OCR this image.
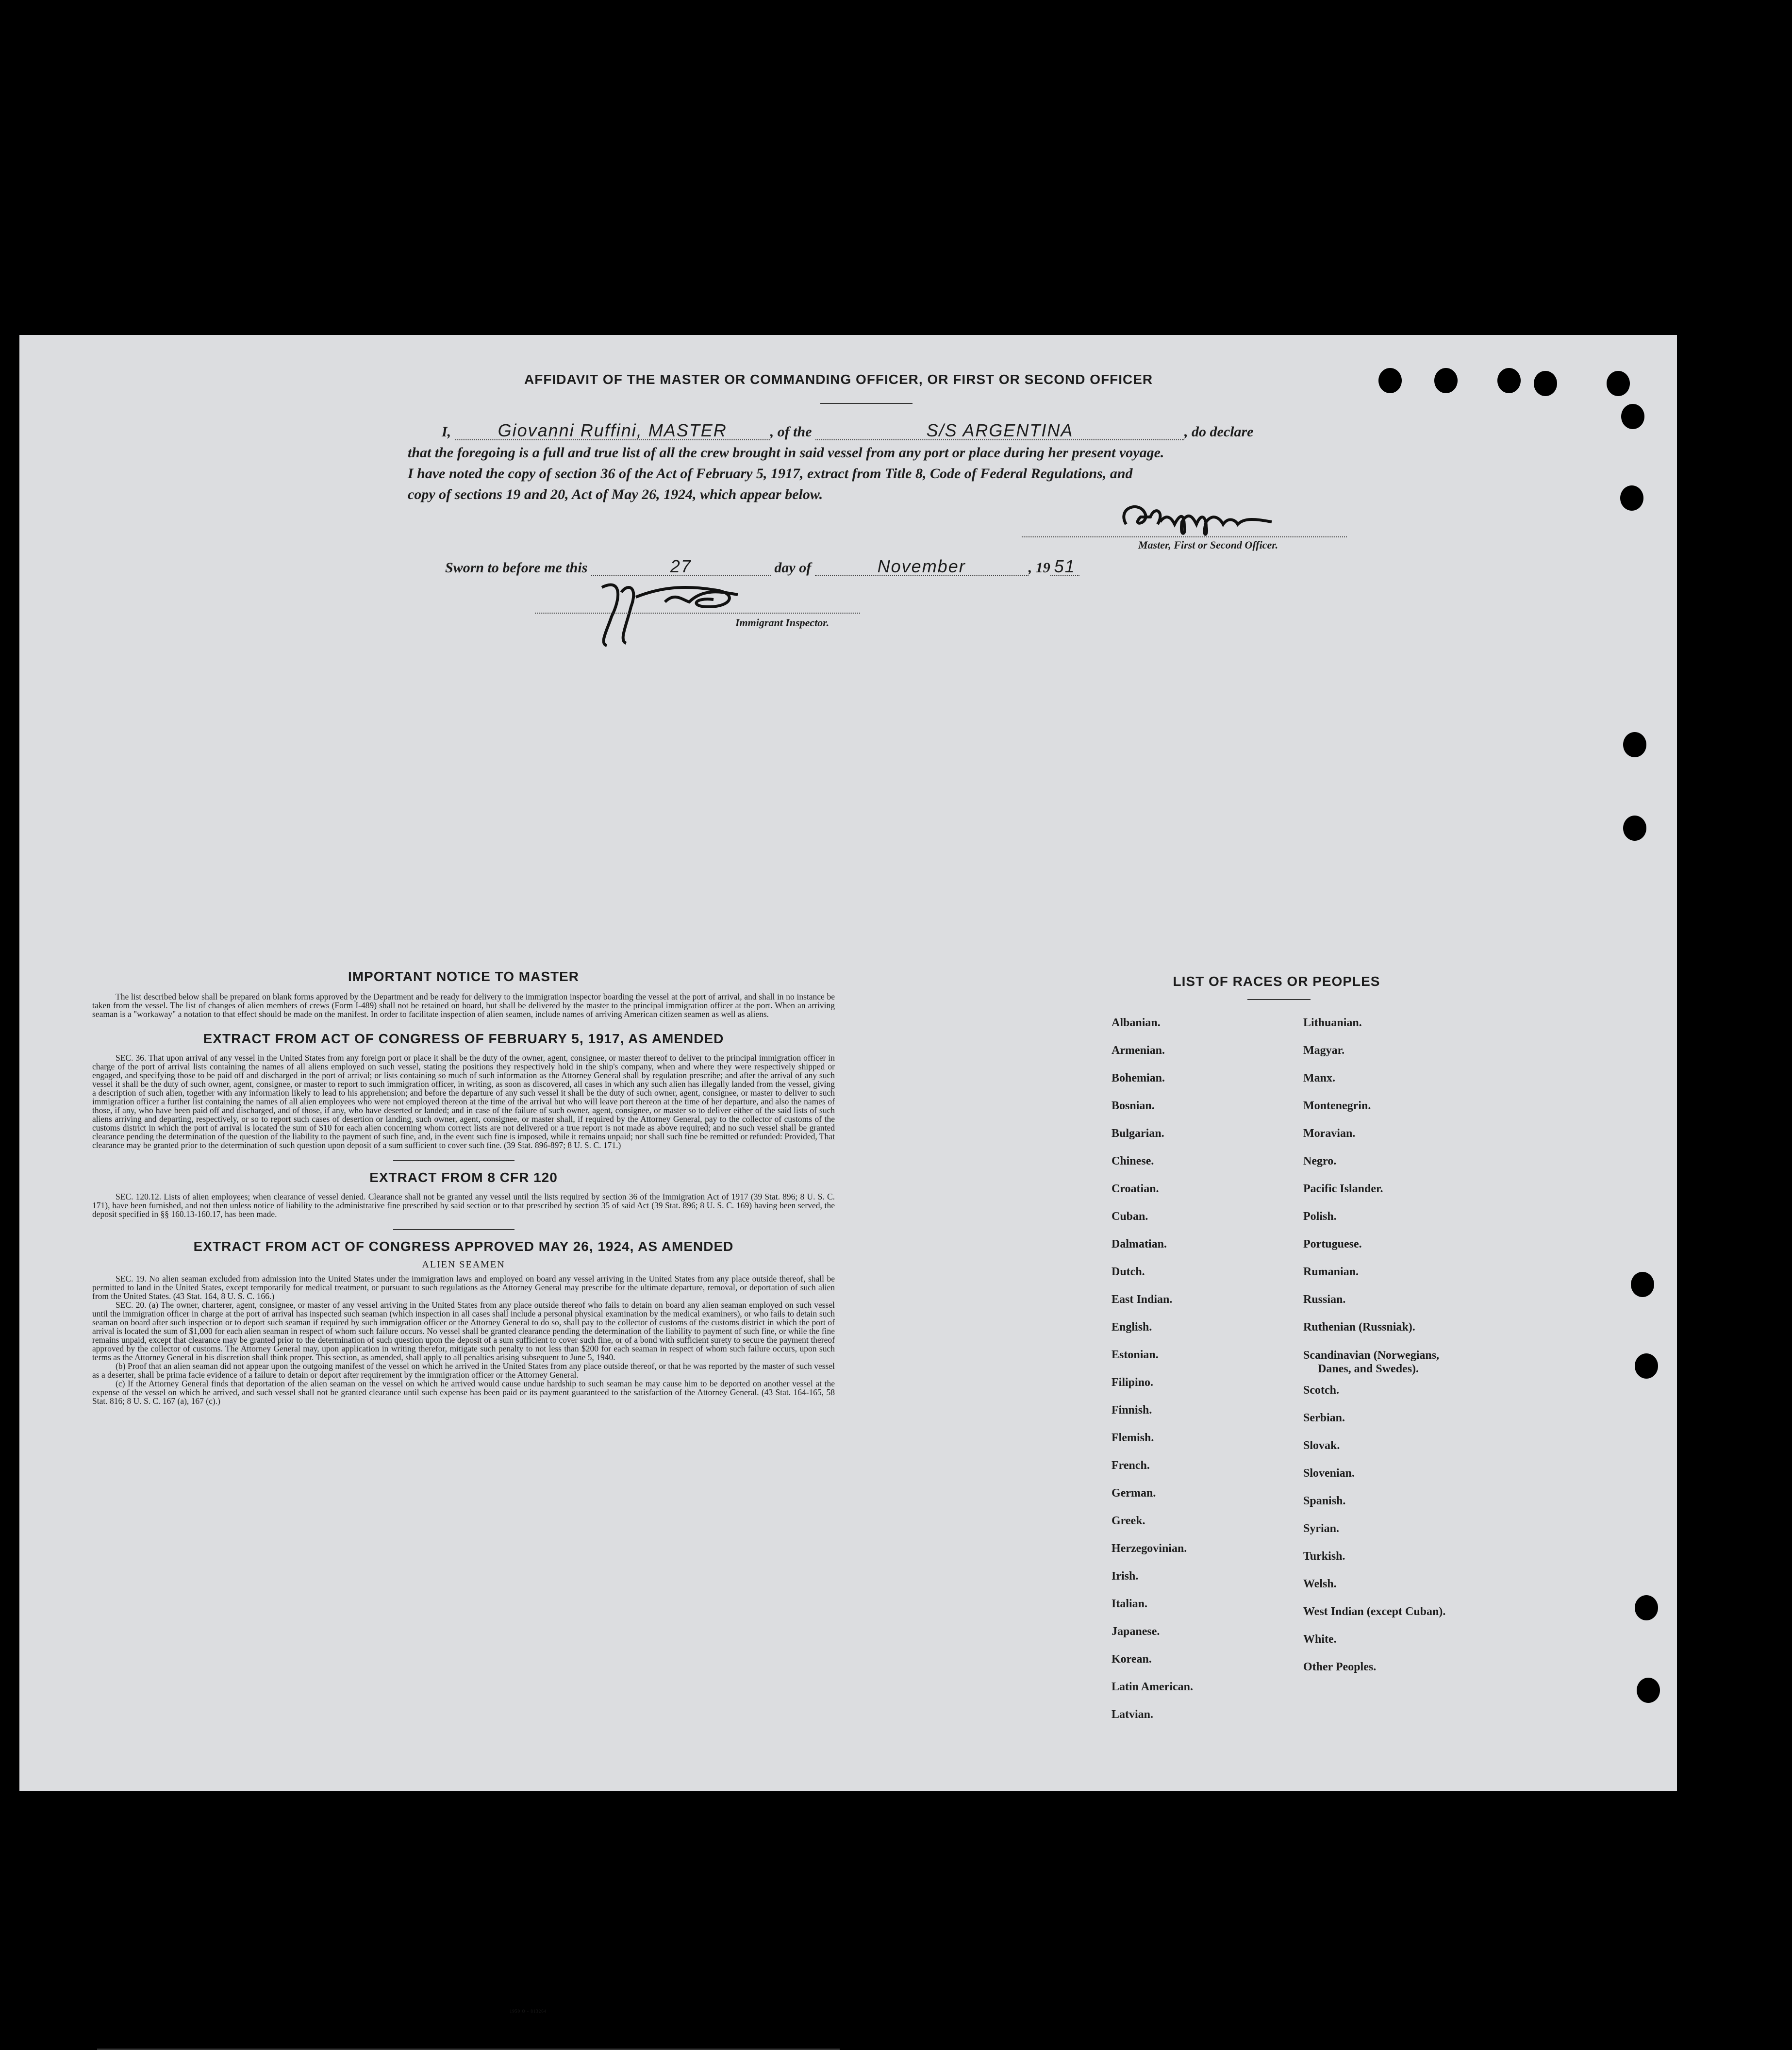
AFFIDAVIT OF THE MASTER OR COMMANDING OFFICER, OR FIRST OR SECOND OFFICER
I,	Giovanni Ruffini, MASTER	, of the	S/S ARGENTINA	, do declare
that the foregoing is a full and true list of all the crew brought in said vessel from any port or place during her present voyage.
I have noted the copy of section 36 of the Act of February 5, 1917, extract from Title 8, Code of Federal Regulations, and
copy of sections 19 and 20, Act of May 26, 1924, which appear below.
Master, First or Second Officer.
Sworn to before me this	27	day of	November	, 19 51
Immigrant Inspector.
IMPORTANT NOTICE TO MASTER

The list described below shall be prepared on blank forms approved by the Department and be ready for delivery to the immigration inspector boarding the vessel at the port of arrival, and shall in no instance be taken from the vessel. The list of changes of alien members of crews (Form I-489) shall not be retained on board, but shall be delivered by the master to the principal immigration officer at the port. When an arriving seaman is a "workaway" a notation to that effect should be made on the manifest. In order to facilitate inspection of alien seamen, include names of arriving American citizen seamen as well as aliens.

EXTRACT FROM ACT OF CONGRESS OF FEBRUARY 5, 1917, AS AMENDED

SEC. 36. That upon arrival of any vessel in the United States from any foreign port or place it shall be the duty of the owner, agent, consignee, or master thereof to deliver to the principal immigration officer in charge of the port of arrival lists containing the names of all aliens employed on such vessel, stating the positions they respectively hold in the ship's company, when and where they were respectively shipped or engaged, and specifying those to be paid off and discharged in the port of arrival; or lists containing so much of such information as the Attorney General shall by regulation prescribe; and after the arrival of any such vessel it shall be the duty of such owner, agent, consignee, or master to report to such immigration officer, in writing, as soon as discovered, all cases in which any such alien has illegally landed from the vessel, giving a description of such alien, together with any information likely to lead to his apprehension; and before the departure of any such vessel it shall be the duty of such owner, agent, consignee, or master to deliver to such immigration officer a further list containing the names of all alien employees who were not employed thereon at the time of the arrival but who will leave port thereon at the time of her departure, and also the names of those, if any, who have been paid off and discharged, and of those, if any, who have deserted or landed; and in case of the failure of such owner, agent, consignee, or master so to deliver either of the said lists of such aliens arriving and departing, respectively, or so to report such cases of desertion or landing, such owner, agent, consignee, or master shall, if required by the Attorney General, pay to the collector of customs of the customs district in which the port of arrival is located the sum of $10 for each alien concerning whom correct lists are not delivered or a true report is not made as above required; and no such vessel shall be granted clearance pending the determination of the question of the liability to the payment of such fine, and, in the event such fine is imposed, while it remains unpaid; nor shall such fine be remitted or refunded: Provided, That clearance may be granted prior to the determination of such question upon deposit of a sum sufficient to cover such fine. (39 Stat. 896-897; 8 U. S. C. 171.)

EXTRACT FROM 8 CFR 120

SEC. 120.12. Lists of alien employees; when clearance of vessel denied. Clearance shall not be granted any vessel until the lists required by section 36 of the Immigration Act of 1917 (39 Stat. 896; 8 U. S. C. 171), have been furnished, and not then unless notice of liability to the administrative fine prescribed by said section or to that prescribed by section 35 of said Act (39 Stat. 896; 8 U. S. C. 169) having been served, the deposit specified in §§ 160.13-160.17, has been made.

EXTRACT FROM ACT OF CONGRESS APPROVED MAY 26, 1924, AS AMENDED
ALIEN SEAMEN

SEC. 19. No alien seaman excluded from admission into the United States under the immigration laws and employed on board any vessel arriving in the United States from any place outside thereof, shall be permitted to land in the United States, except temporarily for medical treatment, or pursuant to such regulations as the Attorney General may prescribe for the ultimate departure, removal, or deportation of such alien from the United States. (43 Stat. 164, 8 U. S. C. 166.)

SEC. 20. (a) The owner, charterer, agent, consignee, or master of any vessel arriving in the United States from any place outside thereof who fails to detain on board any alien seaman employed on such vessel until the immigration officer in charge at the port of arrival has inspected such seaman (which inspection in all cases shall include a personal physical examination by the medical examiners), or who fails to detain such seaman on board after such inspection or to deport such seaman if required by such immigration officer or the Attorney General to do so, shall pay to the collector of customs of the customs district in which the port of arrival is located the sum of $1,000 for each alien seaman in respect of whom such failure occurs. No vessel shall be granted clearance pending the determination of the liability to payment of such fine, or while the fine remains unpaid, except that clearance may be granted prior to the determination of such question upon the deposit of a sum sufficient to cover such fine, or of a bond with sufficient surety to secure the payment thereof approved by the collector of customs. The Attorney General may, upon application in writing therefor, mitigate such penalty to not less than $200 for each seaman in respect of whom such failure occurs, upon such terms as the Attorney General in his discretion shall think proper. This section, as amended, shall apply to all penalties arising subsequent to June 5, 1940.

(b) Proof that an alien seaman did not appear upon the outgoing manifest of the vessel on which he arrived in the United States from any place outside thereof, or that he was reported by the master of such vessel as a deserter, shall be prima facie evidence of a failure to detain or deport after requirement by the immigration officer or the Attorney General.

(c) If the Attorney General finds that deportation of the alien seaman on the vessel on which he arrived would cause undue hardship to such seaman he may cause him to be deported on another vessel at the expense of the vessel on which he arrived, and such vessel shall not be granted clearance until such expense has been paid or its payment guaranteed to the satisfaction of the Attorney General. (43 Stat. 164-165, 58 Stat. 816; 8 U. S. C. 167 (a), 167 (c).)

1950 O - 813264
LIST OF RACES OR PEOPLES
Albanian.
Armenian.
Bohemian.
Bosnian.
Bulgarian.
Chinese.
Croatian.
Cuban.
Dalmatian.
Dutch.
East Indian.
English.
Estonian.
Filipino.
Finnish.
Flemish.
French.
German.
Greek.
Herzegovinian.
Irish.
Italian.
Japanese.
Korean.
Latin American.
Latvian.
Lithuanian.
Magyar.
Manx.
Montenegrin.
Moravian.
Negro.
Pacific Islander.
Polish.
Portuguese.
Rumanian.
Russian.
Ruthenian (Russniak).
Scandinavian (Norwegians,
Danes, and Swedes).
Scotch.
Serbian.
Slovak.
Slovenian.
Spanish.
Syrian.
Turkish.
Welsh.
West Indian (except Cuban).
White.
Other Peoples.
